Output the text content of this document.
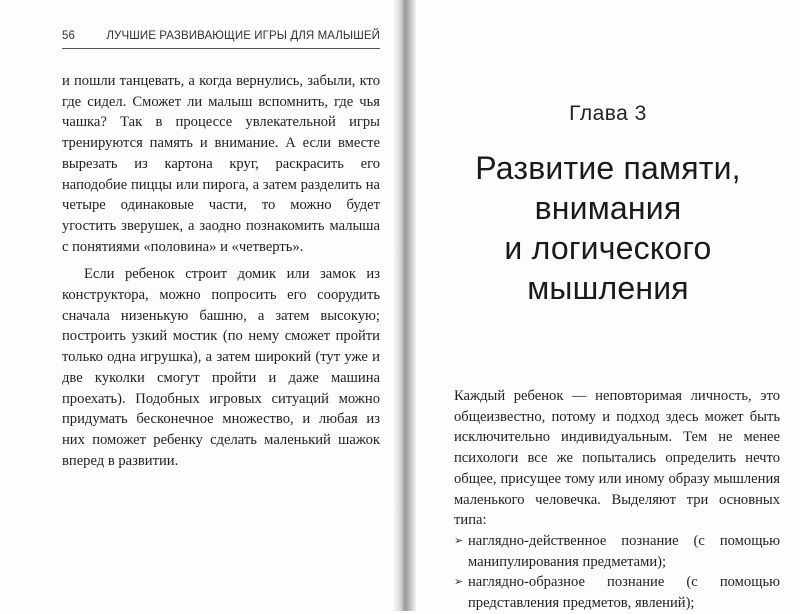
56	ЛУЧШИЕ РАЗВИВАЮЩИЕ ИГРЫ ДЛЯ МАЛЫШЕЙ

и пошли танцевать, а когда вернулись, забыли, кто где сидел. Сможет ли малыш вспомнить, где чья чашка? Так в процессе увлекательной игры тренируются память и внимание. А если вместе вырезать из картона круг, раскрасить его наподобие пиццы или пирога, а затем разделить на четыре одинаковые части, то можно будет угостить зверушек, а заодно познакомить малыша с понятиями «половина» и «четверть».

Если ребенок строит домик или замок из конструктора, можно попросить его соорудить сначала низенькую башню, а затем высокую; построить узкий мостик (по нему сможет пройти только одна игрушка), а затем широкий (тут уже и две куколки смогут пройти и даже машина проехать). Подобных игровых ситуаций можно придумать бесконечное множество, и любая из них поможет ребенку сделать маленький шажок вперед в развитии.

Глава 3
Развитие памяти,
внимания
и логического
мышления

Каждый ребенок — неповторимая личность, это общеизвестно, потому и подход здесь может быть исключительно индивидуальным. Тем не менее психологи все же попытались определить нечто общее, присущее тому или иному образу мышления маленького человечка. Выделяют три основных типа:

➢ наглядно-действенное познание (с помощью манипулирования предметами);
➢ наглядно-образное познание (с помощью представления предметов, явлений);
